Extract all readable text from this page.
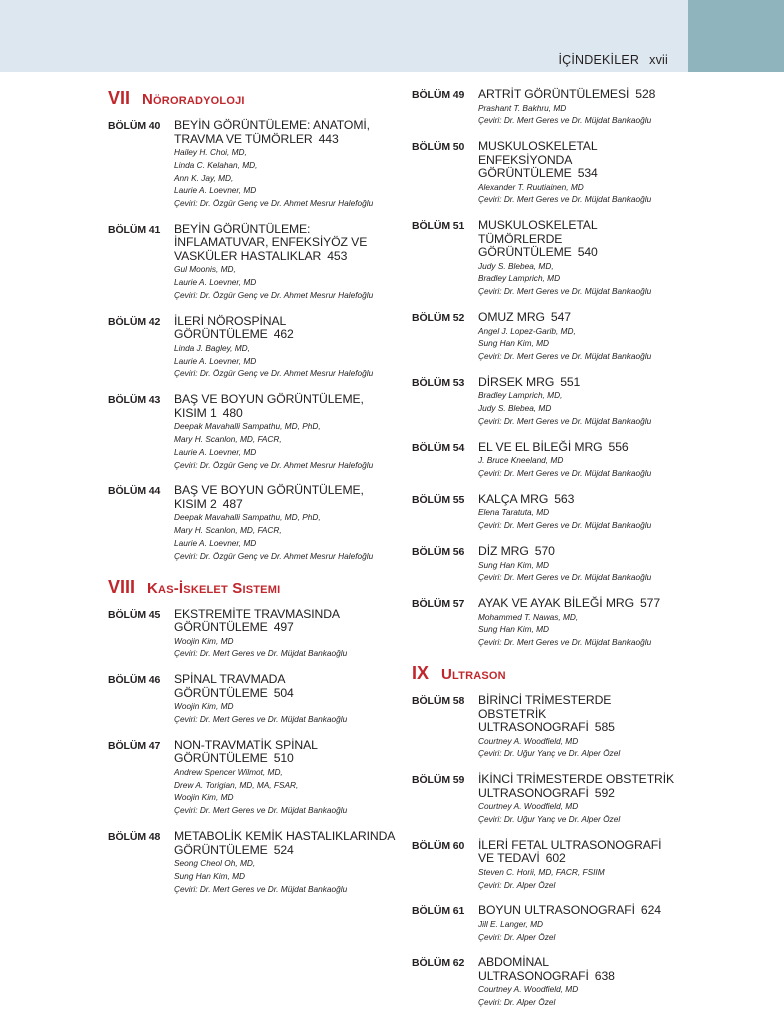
İÇİNDEKİLER xvii
VII Nöroradyoloji
BÖLÜM 40	BEYİN GÖRÜNTÜLEME: ANATOMİ, TRAVMA VE TÜMÖRLER 443
Hailey H. Choi, MD,
Linda C. Kelahan, MD,
Ann K. Jay, MD,
Laurie A. Loevner, MD
Çeviri: Dr. Özgür Genç ve Dr. Ahmet Mesrur Halefoğlu
BÖLÜM 41	BEYİN GÖRÜNTÜLEME: İNFLAMATUVAR, ENFEKSİYÖZ VE VASKÜLER HASTALIKLAR 453
Gul Moonis, MD,
Laurie A. Loevner, MD
Çeviri: Dr. Özgür Genç ve Dr. Ahmet Mesrur Halefoğlu
BÖLÜM 42	İLERİ NÖROSPİNAL GÖRÜNTÜLEME 462
Linda J. Bagley, MD,
Laurie A. Loevner, MD
Çeviri: Dr. Özgür Genç ve Dr. Ahmet Mesrur Halefoğlu
BÖLÜM 43	BAŞ VE BOYUN GÖRÜNTÜLEME, KISIM 1 480
Deepak Mavahalli Sampathu, MD, PhD,
Mary H. Scanlon, MD, FACR,
Laurie A. Loevner, MD
Çeviri: Dr. Özgür Genç ve Dr. Ahmet Mesrur Halefoğlu
BÖLÜM 44	BAŞ VE BOYUN GÖRÜNTÜLEME, KISIM 2 487
Deepak Mavahalli Sampathu, MD, PhD,
Mary H. Scanlon, MD, FACR,
Laurie A. Loevner, MD
Çeviri: Dr. Özgür Genç ve Dr. Ahmet Mesrur Halefoğlu
VIII Kas-İskelet Sistemi
BÖLÜM 45	EKSTREMİTE TRAVMASINDA GÖRÜNTÜLEME 497
Woojin Kim, MD
Çeviri: Dr. Mert Geres ve Dr. Müjdat Bankaoğlu
BÖLÜM 46	SPİNAL TRAVMADA GÖRÜNTÜLEME 504
Woojin Kim, MD
Çeviri: Dr. Mert Geres ve Dr. Müjdat Bankaoğlu
BÖLÜM 47	NON-TRAVMATİK SPİNAL GÖRÜNTÜLEME 510
Andrew Spencer Wilmot, MD,
Drew A. Torigian, MD, MA, FSAR,
Woojin Kim, MD
Çeviri: Dr. Mert Geres ve Dr. Müjdat Bankaoğlu
BÖLÜM 48	METABOLİK KEMİK HASTALIKLARINDA GÖRÜNTÜLEME 524
Seong Cheol Oh, MD,
Sung Han Kim, MD
Çeviri: Dr. Mert Geres ve Dr. Müjdat Bankaoğlu
BÖLÜM 49	ARTRİT GÖRÜNTÜLEMESİ 528
Prashant T. Bakhru, MD
Çeviri: Dr. Mert Geres ve Dr. Müjdat Bankaoğlu
BÖLÜM 50	MUSKULOSKELETAL ENFEKSİYONDA GÖRÜNTÜLEME 534
Alexander T. Ruutiainen, MD
Çeviri: Dr. Mert Geres ve Dr. Müjdat Bankaoğlu
BÖLÜM 51	MUSKULOSKELETAL TÜMÖRLERDE GÖRÜNTÜLEME 540
Judy S. Blebea, MD,
Bradley Lamprich, MD
Çeviri: Dr. Mert Geres ve Dr. Müjdat Bankaoğlu
BÖLÜM 52	OMUZ MRG 547
Angel J. Lopez-Garib, MD,
Sung Han Kim, MD
Çeviri: Dr. Mert Geres ve Dr. Müjdat Bankaoğlu
BÖLÜM 53	DİRSEK MRG 551
Bradley Lamprich, MD,
Judy S. Blebea, MD
Çeviri: Dr. Mert Geres ve Dr. Müjdat Bankaoğlu
BÖLÜM 54	EL VE EL BİLEĞİ MRG 556
J. Bruce Kneeland, MD
Çeviri: Dr. Mert Geres ve Dr. Müjdat Bankaoğlu
BÖLÜM 55	KALÇA MRG 563
Elena Taratuta, MD
Çeviri: Dr. Mert Geres ve Dr. Müjdat Bankaoğlu
BÖLÜM 56	DİZ MRG 570
Sung Han Kim, MD
Çeviri: Dr. Mert Geres ve Dr. Müjdat Bankaoğlu
BÖLÜM 57	AYAK VE AYAK BİLEĞİ MRG 577
Mohammed T. Nawas, MD,
Sung Han Kim, MD
Çeviri: Dr. Mert Geres ve Dr. Müjdat Bankaoğlu
IX Ultrason
BÖLÜM 58	BİRİNCİ TRİMESTERDE OBSTETRİK ULTRASONOGRAFİ 585
Courtney A. Woodfield, MD
Çeviri: Dr. Uğur Yanç ve Dr. Alper Özel
BÖLÜM 59	İKİNCİ TRİMESTERDE OBSTETRİK ULTRASONOGRAFİ 592
Courtney A. Woodfield, MD
Çeviri: Dr. Uğur Yanç ve Dr. Alper Özel
BÖLÜM 60	İLERİ FETAL ULTRASONOGRAFİ VE TEDAVİ 602
Steven C. Horii, MD, FACR, FSIIM
Çeviri: Dr. Alper Özel
BÖLÜM 61	BOYUN ULTRASONOGRAFİ 624
Jill E. Langer, MD
Çeviri: Dr. Alper Özel
BÖLÜM 62	ABDOMİNAL ULTRASONOGRAFİ 638
Courtney A. Woodfield, MD
Çeviri: Dr. Alper Özel
